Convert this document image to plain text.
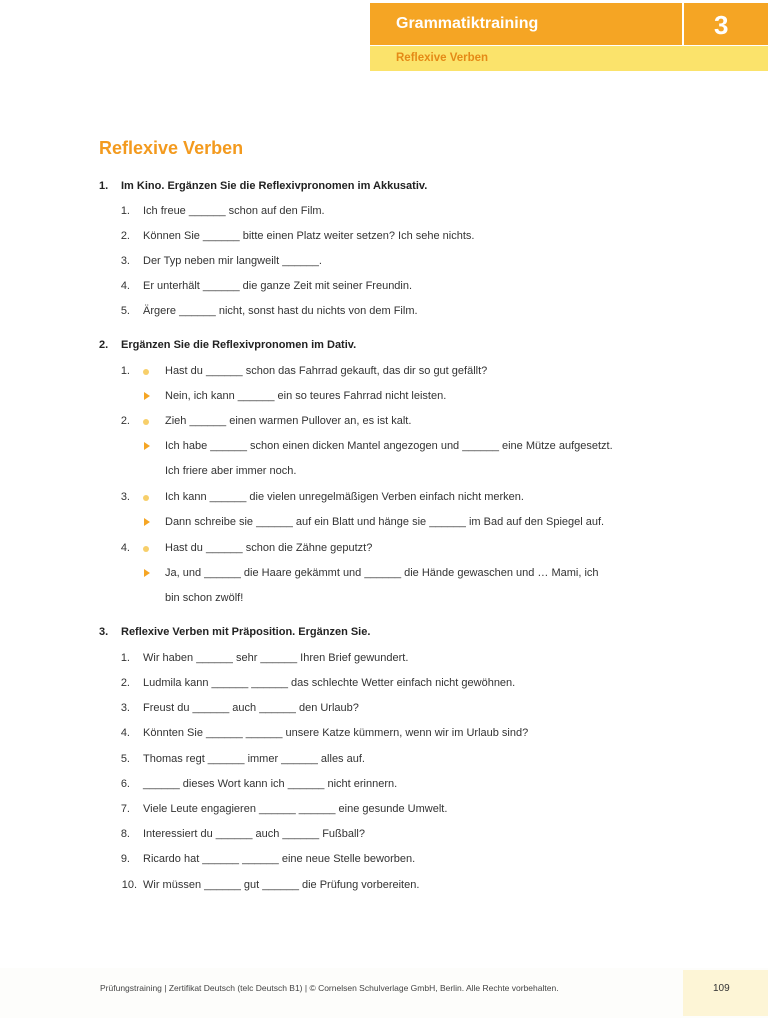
Grammatiktraining	3
Reflexive Verben
Reflexive Verben
1. Im Kino. Ergänzen Sie die Reflexivpronomen im Akkusativ.
1. Ich freue ______ schon auf den Film.
2. Können Sie ______ bitte einen Platz weiter setzen? Ich sehe nichts.
3. Der Typ neben mir langweilt ______.
4. Er unterhält ______ die ganze Zeit mit seiner Freundin.
5. Ärgere ______ nicht, sonst hast du nichts von dem Film.
2. Ergänzen Sie die Reflexivpronomen im Dativ.
1.	Hast du ______ schon das Fahrrad gekauft, das dir so gut gefällt?
Nein, ich kann ______ ein so teures Fahrrad nicht leisten.
2.	Zieh ______ einen warmen Pullover an, es ist kalt.
Ich habe ______ schon einen dicken Mantel angezogen und ______ eine Mütze aufgesetzt.
Ich friere aber immer noch.
3.	Ich kann ______ die vielen unregelmäßigen Verben einfach nicht merken.
Dann schreibe sie ______ auf ein Blatt und hänge sie ______ im Bad auf den Spiegel auf.
4.	Hast du ______ schon die Zähne geputzt?
Ja, und ______ die Haare gekämmt und ______ die Hände gewaschen und … Mami, ich
bin schon zwölf!
3. Reflexive Verben mit Präposition. Ergänzen Sie.
1. Wir haben ______ sehr ______ Ihren Brief gewundert.
2. Ludmila kann ______ ______ das schlechte Wetter einfach nicht gewöhnen.
3. Freust du ______ auch ______ den Urlaub?
4. Könnten Sie ______ ______ unsere Katze kümmern, wenn wir im Urlaub sind?
5. Thomas regt ______ immer ______ alles auf.
6. ______ dieses Wort kann ich ______ nicht erinnern.
7. Viele Leute engagieren ______ ______ eine gesunde Umwelt.
8. Interessiert du ______ auch ______ Fußball?
9. Ricardo hat ______ ______ eine neue Stelle beworben.
10. Wir müssen ______ gut ______ die Prüfung vorbereiten.
Prüfungstraining | Zertifikat Deutsch (telc Deutsch B1) | © Cornelsen Schulverlage GmbH, Berlin. Alle Rechte vorbehalten.	109
